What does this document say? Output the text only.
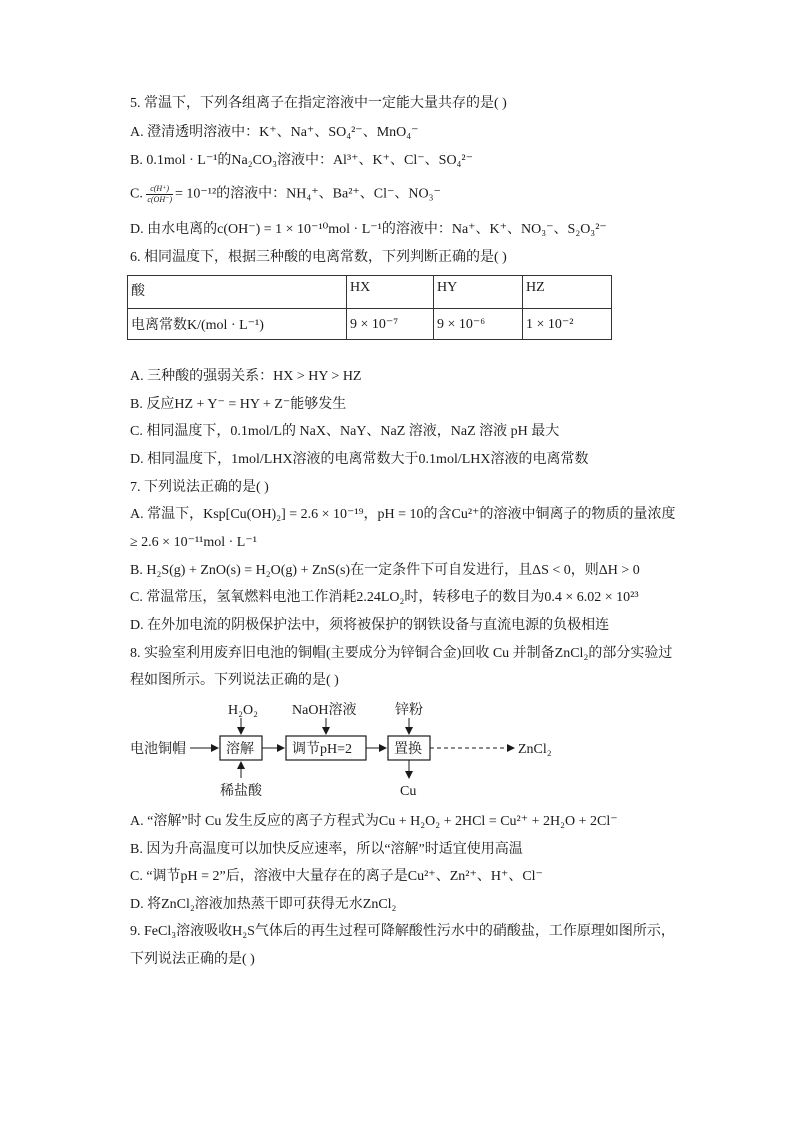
5. 常温下，下列各组离子在指定溶液中一定能大量共存的是( )
A. 澄清透明溶液中：K⁺、Na⁺、SO₄²⁻、MnO₄⁻
B. 0.1mol · L⁻¹的Na₂CO₃溶液中：Al³⁺、K⁺、Cl⁻、SO₄²⁻
C. $\frac{c(H^+)}{c(OH^-)} = 10^{-12}$的溶液中：NH₄⁺、Ba²⁺、Cl⁻、NO₃⁻
D. 由水电离的c(OH⁻) = 1 × 10⁻¹⁰mol · L⁻¹的溶液中：Na⁺、K⁺、NO₃⁻、S₂O₃²⁻
6. 相同温度下，根据三种酸的电离常数，下列判断正确的是( )
酸	HX	HY	HZ
电离常数K/(mol · L⁻¹)	9 × 10⁻⁷	9 × 10⁻⁶	1 × 10⁻²
A. 三种酸的强弱关系：HX > HY > HZ
B. 反应HZ + Y⁻ = HY + Z⁻能够发生
C. 相同温度下，0.1mol/L的 NaX、NaY、NaZ 溶液，NaZ 溶液 pH 最大
D. 相同温度下，1mol/LHX溶液的电离常数大于0.1mol/LHX溶液的电离常数
7. 下列说法正确的是( )
A. 常温下，Ksp[Cu(OH)₂] = 2.6 × 10⁻¹⁹，pH = 10的含Cu²⁺的溶液中铜离子的物质的量浓度
≥ 2.6 × 10⁻¹¹mol · L⁻¹
B. H₂S(g) + ZnO(s) = H₂O(g) + ZnS(s)在一定条件下可自发进行，且ΔS < 0，则ΔH > 0
C. 常温常压，氢氧燃料电池工作消耗2.24LO₂时，转移电子的数目为0.4 × 6.02 × 10²³
D. 在外加电流的阴极保护法中，须将被保护的钢铁设备与直流电源的负极相连
8. 实验室利用废弃旧电池的铜帽(主要成分为锌铜合金)回收 Cu 并制备ZnCl₂的部分实验过
程如图所示。下列说法正确的是( )
电池铜帽	溶解	调节pH=2	置换	ZnCl₂
H₂O₂ NaOH溶液	锌粉
稀盐酸	Cu
A. “溶解”时 Cu 发生反应的离子方程式为Cu + H₂O₂ + 2HCl = Cu²⁺ + 2H₂O + 2Cl⁻
B. 因为升高温度可以加快反应速率，所以“溶解”时适宜使用高温
C. “调节pH = 2”后，溶液中大量存在的离子是Cu²⁺、Zn²⁺、H⁺、Cl⁻
D. 将ZnCl₂溶液加热蒸干即可获得无水ZnCl₂
9. FeCl₃溶液吸收H₂S气体后的再生过程可降解酸性污水中的硝酸盐，工作原理如图所示，
下列说法正确的是( )
